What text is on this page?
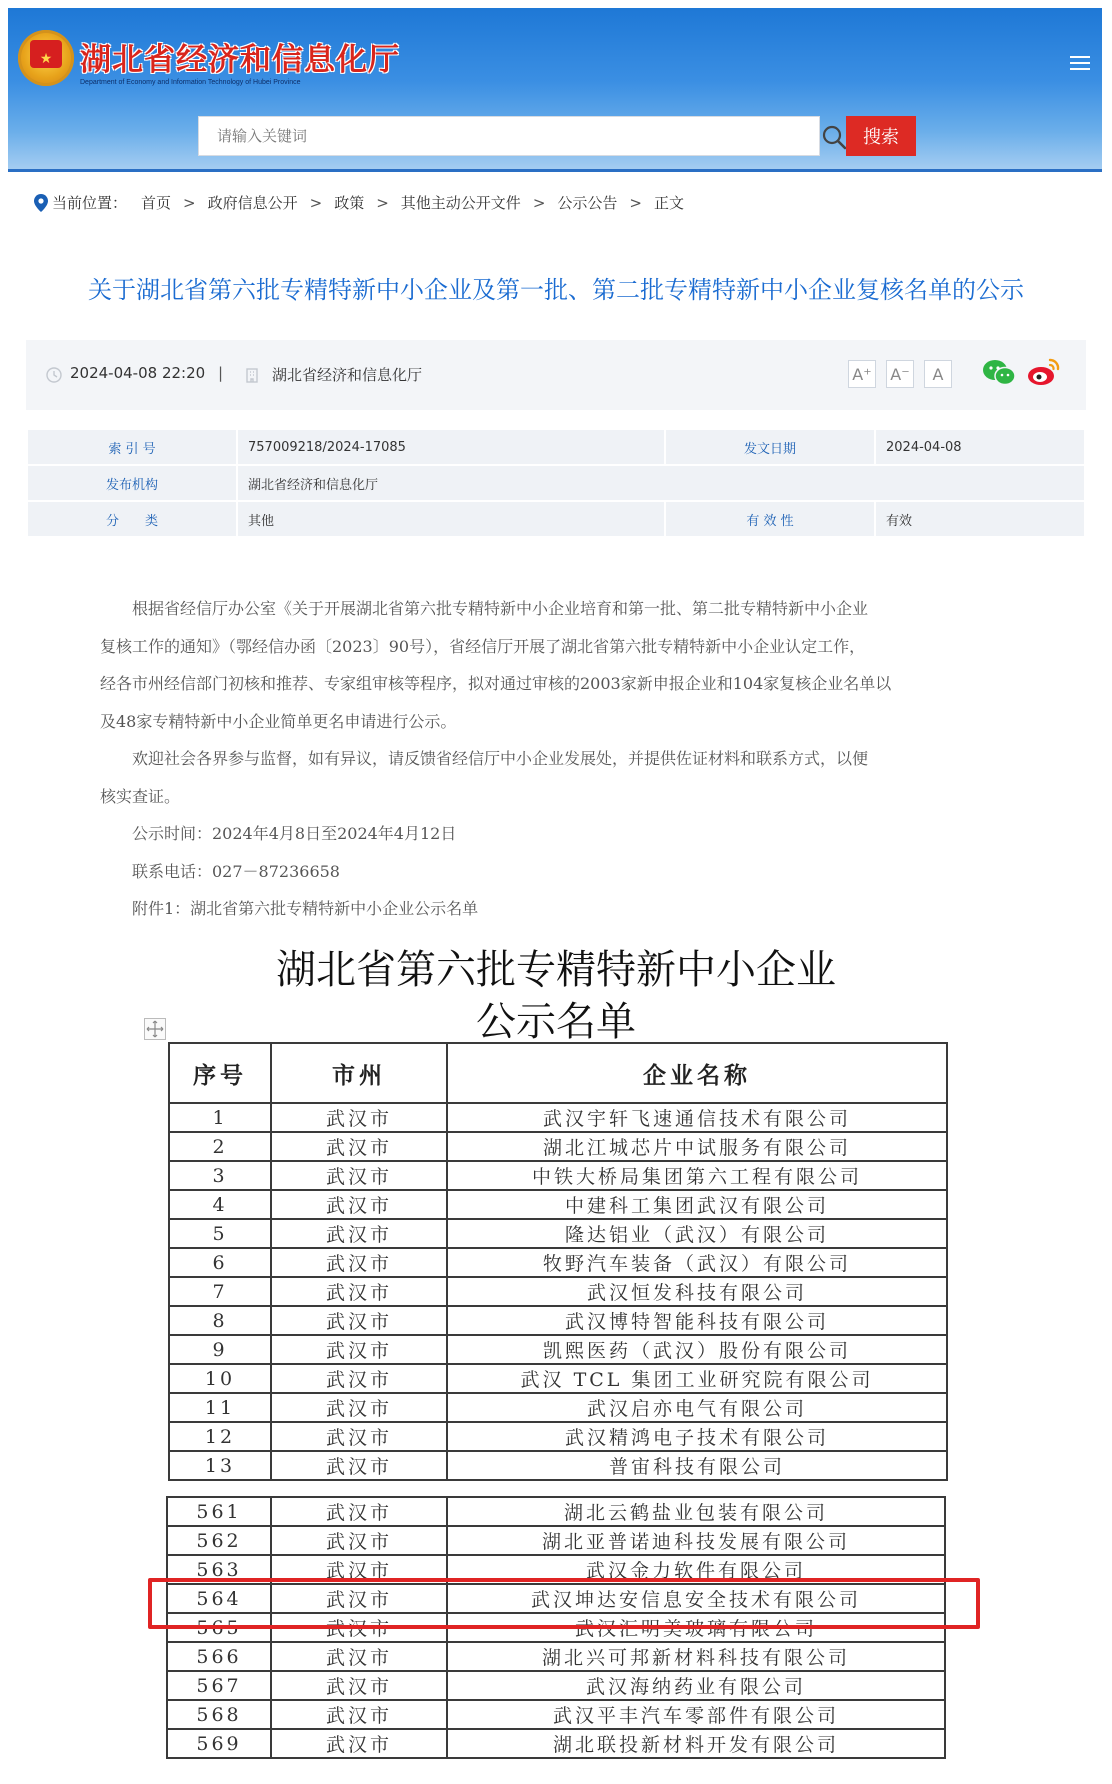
★ 湖北省经济和信息化厅
Department of Economy and Information Technology of Hubei Province
请输入关键词
搜索
当前位置： 首页 > 政府信息公开 > 政策 > 其他主动公开文件 > 公示公告 > 正文
关于湖北省第六批专精特新中小企业及第一批、第二批专精特新中小企业复核名单的公示
2024-04-08 22:20 |	湖北省经济和信息化厅	A⁺ A⁻	A
索 引 号	757009218/2024-17085	发文日期	2024-04-08
发布机构	湖北省经济和信息化厅		
分　　类	其他	有 效 性	有效

根据省经信厅办公室《关于开展湖北省第六批专精特新中小企业培育和第一批、第二批专精特新中小企业

复核工作的通知》（鄂经信办函〔2023〕90号），省经信厅开展了湖北省第六批专精特新中小企业认定工作，

经各市州经信部门初核和推荐、专家组审核等程序，拟对通过审核的2003家新申报企业和104家复核企业名单以

及48家专精特新中小企业简单更名申请进行公示。

欢迎社会各界参与监督，如有异议，请反馈省经信厅中小企业发展处，并提供佐证材料和联系方式，以便

核实查证。

公示时间：2024年4月8日至2024年4月12日

联系电话：027－87236658

附件1：湖北省第六批专精特新中小企业公示名单

湖北省第六批专精特新中小企业
公示名单
序号	市州	企业名称
1	武汉市	武汉宇轩飞速通信技术有限公司
2	武汉市	湖北江城芯片中试服务有限公司
3	武汉市	中铁大桥局集团第六工程有限公司
4	武汉市	中建科工集团武汉有限公司
5	武汉市	隆达铝业（武汉）有限公司
6	武汉市	牧野汽车装备（武汉）有限公司
7	武汉市	武汉恒发科技有限公司
8	武汉市	武汉博特智能科技有限公司
9	武汉市	凯熙医药（武汉）股份有限公司
10	武汉市	武汉 TCL 集团工业研究院有限公司
11	武汉市	武汉启亦电气有限公司
12	武汉市	武汉精鸿电子技术有限公司
13	武汉市	普宙科技有限公司
561	武汉市	湖北云鹤盐业包装有限公司
562	武汉市	湖北亚普诺迪科技发展有限公司
563	武汉市	武汉金力软件有限公司
564	武汉市	武汉坤达安信息安全技术有限公司
565	武汉市	武汉汇明美玻璃有限公司
566	武汉市	湖北兴可邦新材料科技有限公司
567	武汉市	武汉海纳药业有限公司
568	武汉市	武汉平丰汽车零部件有限公司
569	武汉市	湖北联投新材料开发有限公司
